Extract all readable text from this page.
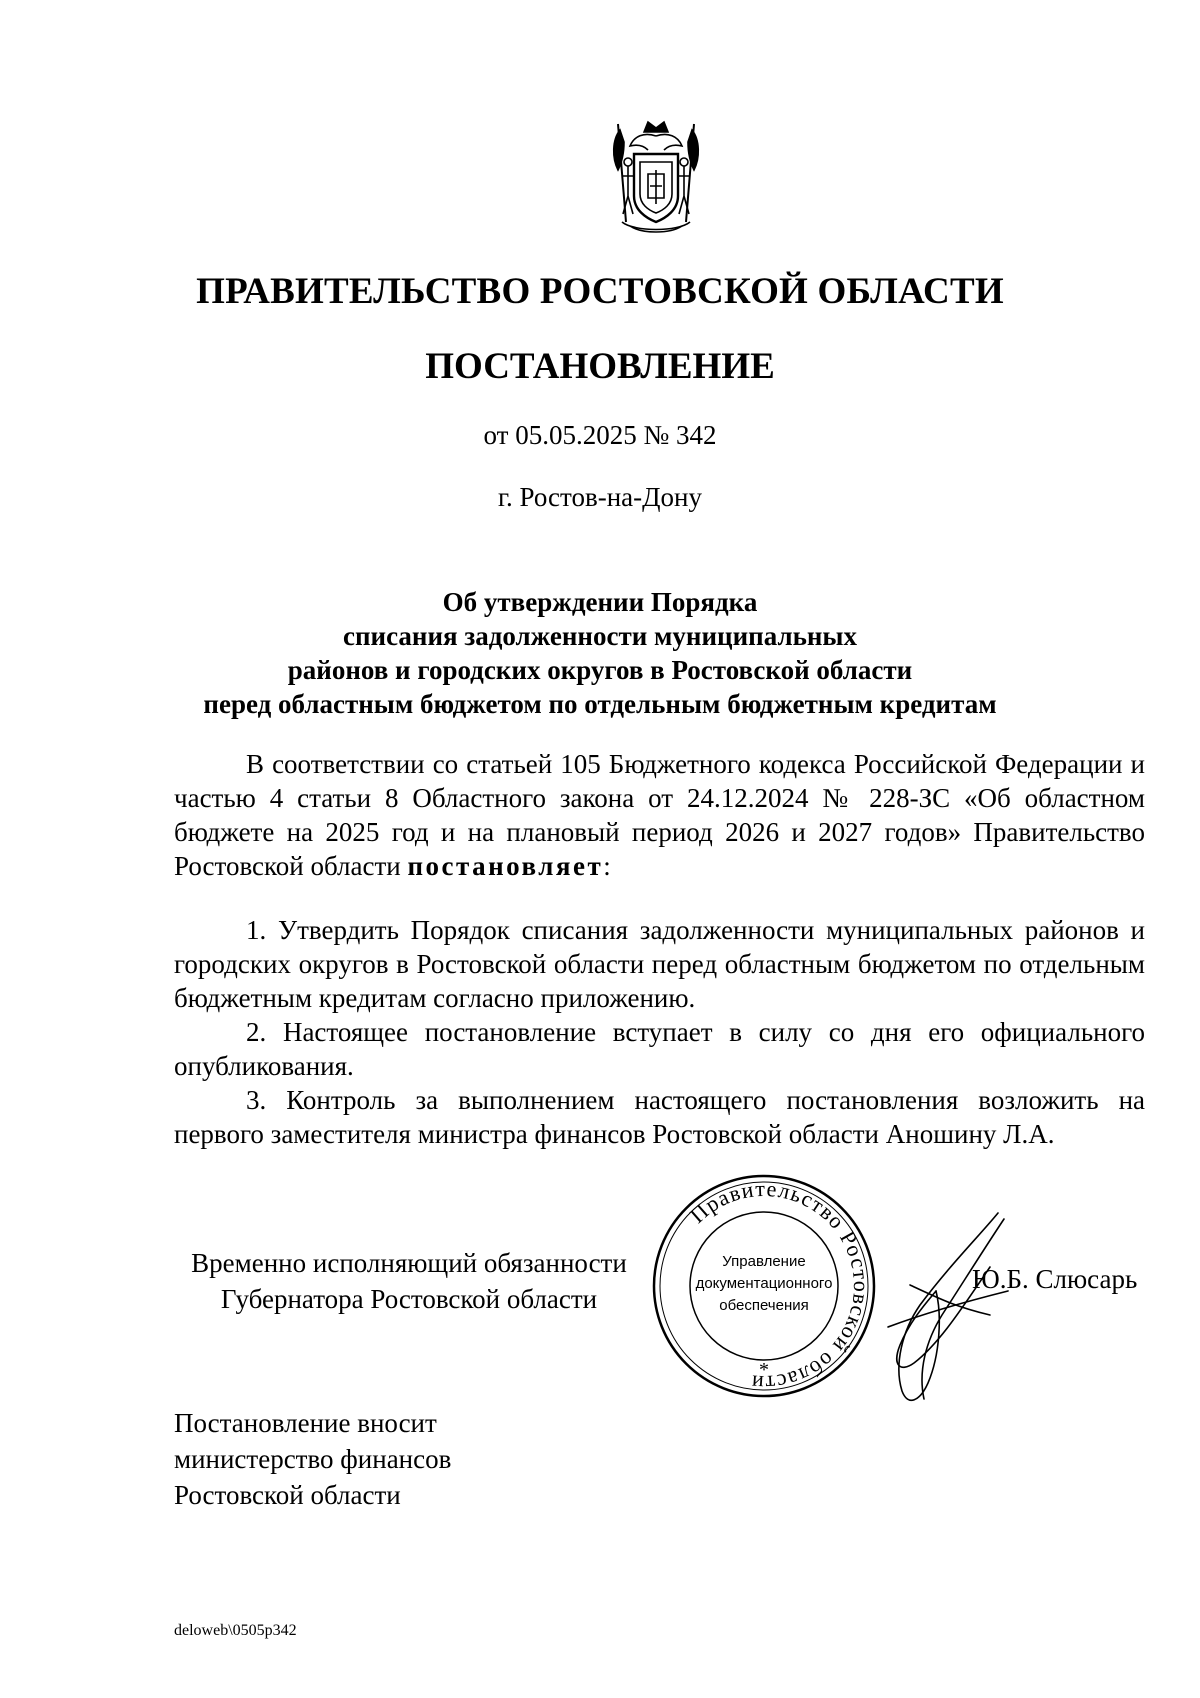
ПРАВИТЕЛЬСТВО РОСТОВСКОЙ ОБЛАСТИ
ПОСТАНОВЛЕНИЕ
от 05.05.2025 № 342
г. Ростов-на-Дону
Об утверждении Порядка
списания задолженности муниципальных
районов и городских округов в Ростовской области
перед областным бюджетом по отдельным бюджетным кредитам
В соответствии со статьей 105 Бюджетного кодекса Российской Федерации и частью 4 статьи 8 Областного закона от 24.12.2024 № 228-ЗС «Об областном бюджете на 2025 год и на плановый период 2026 и 2027 годов» Правительство Ростовской области постановляет:
1. Утвердить Порядок списания задолженности муниципальных районов и городских округов в Ростовской области перед областным бюджетом по отдельным бюджетным кредитам согласно приложению.
2. Настоящее постановление вступает в силу со дня его официального опубликования.
3. Контроль за выполнением настоящего постановления возложить на первого заместителя министра финансов Ростовской области Аношину Л.А.
Временно исполняющий обязанности
Губернатора Ростовской области
Правительство Ростовской области
Управление
документационного
обеспечения
*
Ю.Б. Слюсарь
Постановление вносит
министерство финансов
Ростовской области
deloweb\0505p342
